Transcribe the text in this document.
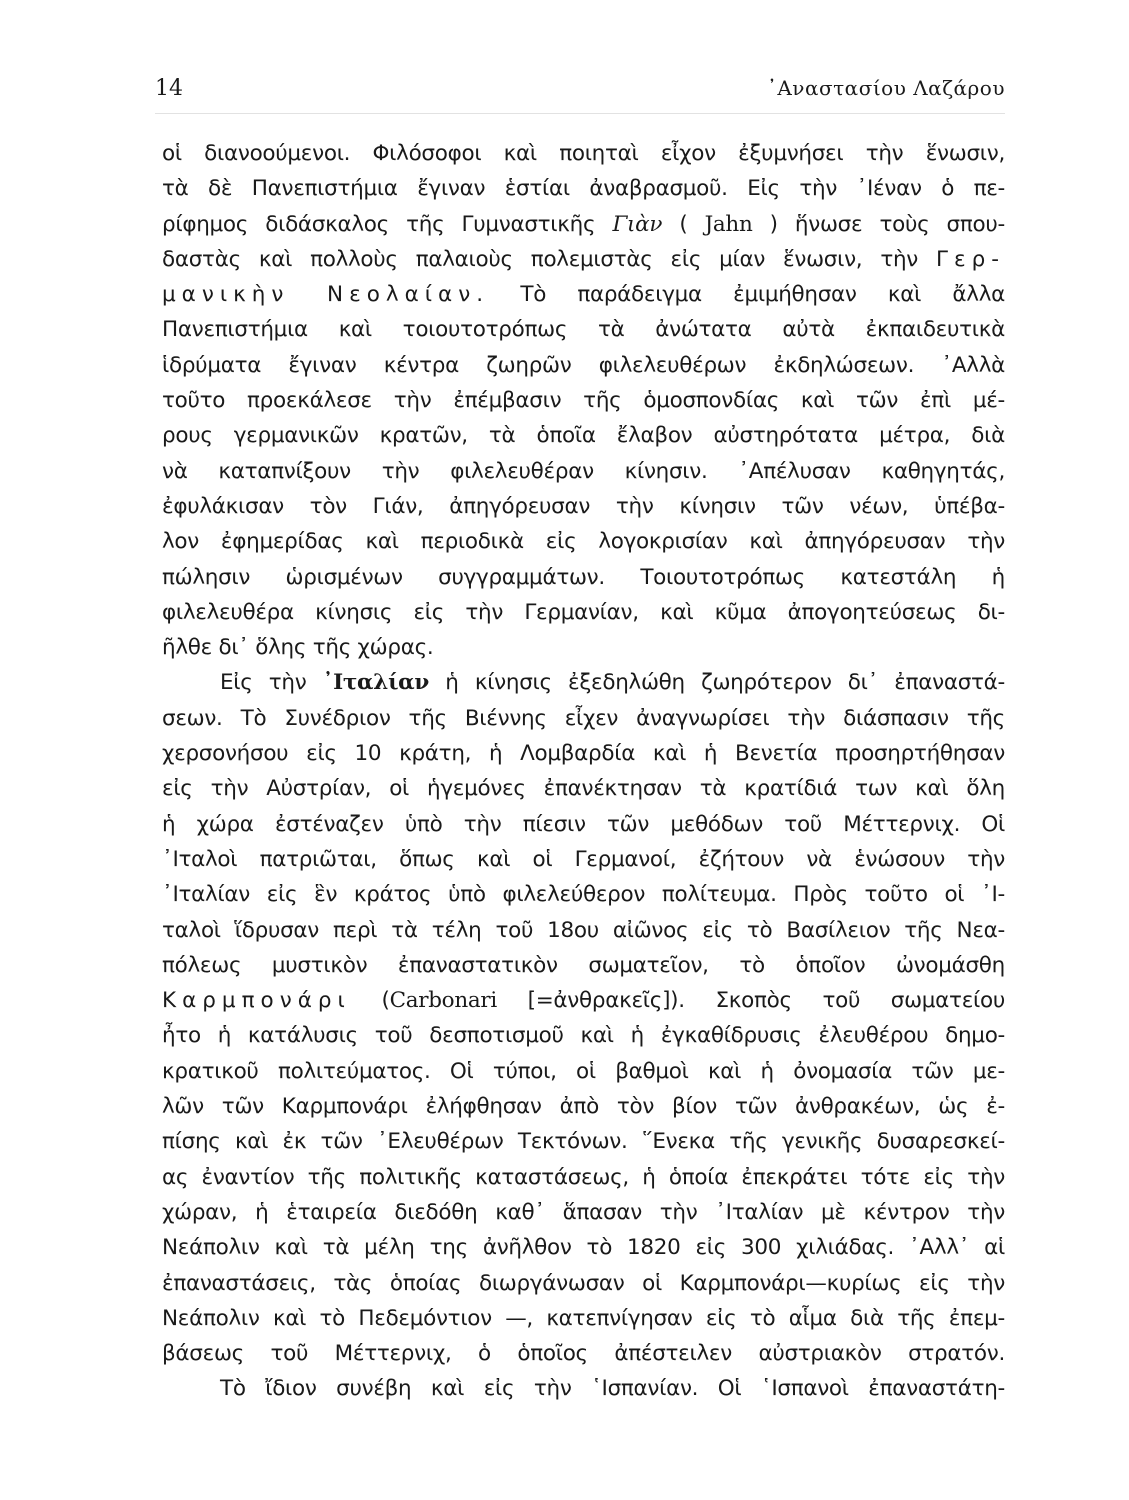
14	᾿Αναστασίου Λαζάρου
οἱ διανοούμενοι. Φιλόσοφοι καὶ ποιηταὶ εἶχον ἐξυμνήσει τὴν ἕνωσιν,
τὰ δὲ Πανεπιστήμια ἔγιναν ἑστίαι ἀναβρασμοῦ. Εἰς τὴν ᾿Ιέναν ὁ πε-
ρίφημος διδάσκαλος τῆς Γυμναστικῆς Γιὰν ( Jahn ) ἥνωσε τοὺς σπου-
δαστὰς καὶ πολλοὺς παλαιοὺς πολεμιστὰς εἰς μίαν ἕνωσιν, τὴν Γερ-
μανικὴν Νεολαίαν. Τὸ παράδειγμα ἐμιμήθησαν καὶ ἄλλα
Πανεπιστήμια καὶ τοιουτοτρόπως τὰ ἀνώτατα αὐτὰ ἐκπαιδευτικὰ
ἱδρύματα ἔγιναν κέντρα ζωηρῶν φιλελευθέρων ἐκδηλώσεων. ᾿Αλλὰ
τοῦτο προεκάλεσε τὴν ἐπέμβασιν τῆς ὁμοσπονδίας καὶ τῶν ἐπὶ μέ-
ρους γερμανικῶν κρατῶν, τὰ ὁποῖα ἔλαβον αὐστηρότατα μέτρα, διὰ
νὰ καταπνίξουν τὴν φιλελευθέραν κίνησιν. ᾿Απέλυσαν καθηγητάς,
ἐφυλάκισαν τὸν Γιάν, ἀπηγόρευσαν τὴν κίνησιν τῶν νέων, ὑπέβα-
λον ἐφημερίδας καὶ περιοδικὰ εἰς λογοκρισίαν καὶ ἀπηγόρευσαν τὴν
πώλησιν ὡρισμένων συγγραμμάτων. Τοιουτοτρόπως κατεστάλη ἡ
φιλελευθέρα κίνησις εἰς τὴν Γερμανίαν, καὶ κῦμα ἀπογοητεύσεως δι-
ῆλθε δι᾿ ὅλης τῆς χώρας.
Εἰς τὴν ᾿Ιταλίαν ἡ κίνησις ἐξεδηλώθη ζωηρότερον δι᾿ ἐπαναστά-
σεων. Τὸ Συνέδριον τῆς Βιέννης εἶχεν ἀναγνωρίσει τὴν διάσπασιν τῆς
χερσονήσου εἰς 10 κράτη, ἡ Λομβαρδία καὶ ἡ Βενετία προσηρτήθησαν
εἰς τὴν Αὐστρίαν, οἱ ἡγεμόνες ἐπανέκτησαν τὰ κρατίδιά των καὶ ὅλη
ἡ χώρα ἐστέναζεν ὑπὸ τὴν πίεσιν τῶν μεθόδων τοῦ Μέττερνιχ. Οἱ
᾿Ιταλοὶ πατριῶται, ὅπως καὶ οἱ Γερμανοί, ἐζήτουν νὰ ἑνώσουν τὴν
᾿Ιταλίαν εἰς ἓν κράτος ὑπὸ φιλελεύθερον πολίτευμα. Πρὸς τοῦτο οἱ ᾿Ι-
ταλοὶ ἵδρυσαν περὶ τὰ τέλη τοῦ 18ου αἰῶνος εἰς τὸ Βασίλειον τῆς Νεα-
πόλεως μυστικὸν ἐπαναστατικὸν σωματεῖον, τὸ ὁποῖον ὠνομάσθη
Καρμπονάρι (Carbonari [=ἀνθρακεῖς]). Σκοπὸς τοῦ σωματείου
ἦτο ἡ κατάλυσις τοῦ δεσποτισμοῦ καὶ ἡ ἐγκαθίδρυσις ἐλευθέρου δημο-
κρατικοῦ πολιτεύματος. Οἱ τύποι, οἱ βαθμοὶ καὶ ἡ ὀνομασία τῶν με-
λῶν τῶν Καρμπονάρι ἐλήφθησαν ἀπὸ τὸν βίον τῶν ἀνθρακέων, ὡς ἐ-
πίσης καὶ ἐκ τῶν ᾿Ελευθέρων Τεκτόνων. ῞Ενεκα τῆς γενικῆς δυσαρεσκεί-
ας ἐναντίον τῆς πολιτικῆς καταστάσεως, ἡ ὁποία ἐπεκράτει τότε εἰς τὴν
χώραν, ἡ ἑταιρεία διεδόθη καθ᾿ ἅπασαν τὴν ᾿Ιταλίαν μὲ κέντρον τὴν
Νεάπολιν καὶ τὰ μέλη της ἀνῆλθον τὸ 1820 εἰς 300 χιλιάδας. ᾿Αλλ᾿ αἱ
ἐπαναστάσεις, τὰς ὁποίας διωργάνωσαν οἱ Καρμπονάρι—κυρίως εἰς τὴν
Νεάπολιν καὶ τὸ Πεδεμόντιον —, κατεπνίγησαν εἰς τὸ αἷμα διὰ τῆς ἐπεμ-
βάσεως τοῦ Μέττερνιχ, ὁ ὁποῖος ἀπέστειλεν αὐστριακὸν στρατόν.
Τὸ ἴδιον συνέβη καὶ εἰς τὴν ῾Ισπανίαν. Οἱ ῾Ισπανοὶ ἐπαναστάτη-
